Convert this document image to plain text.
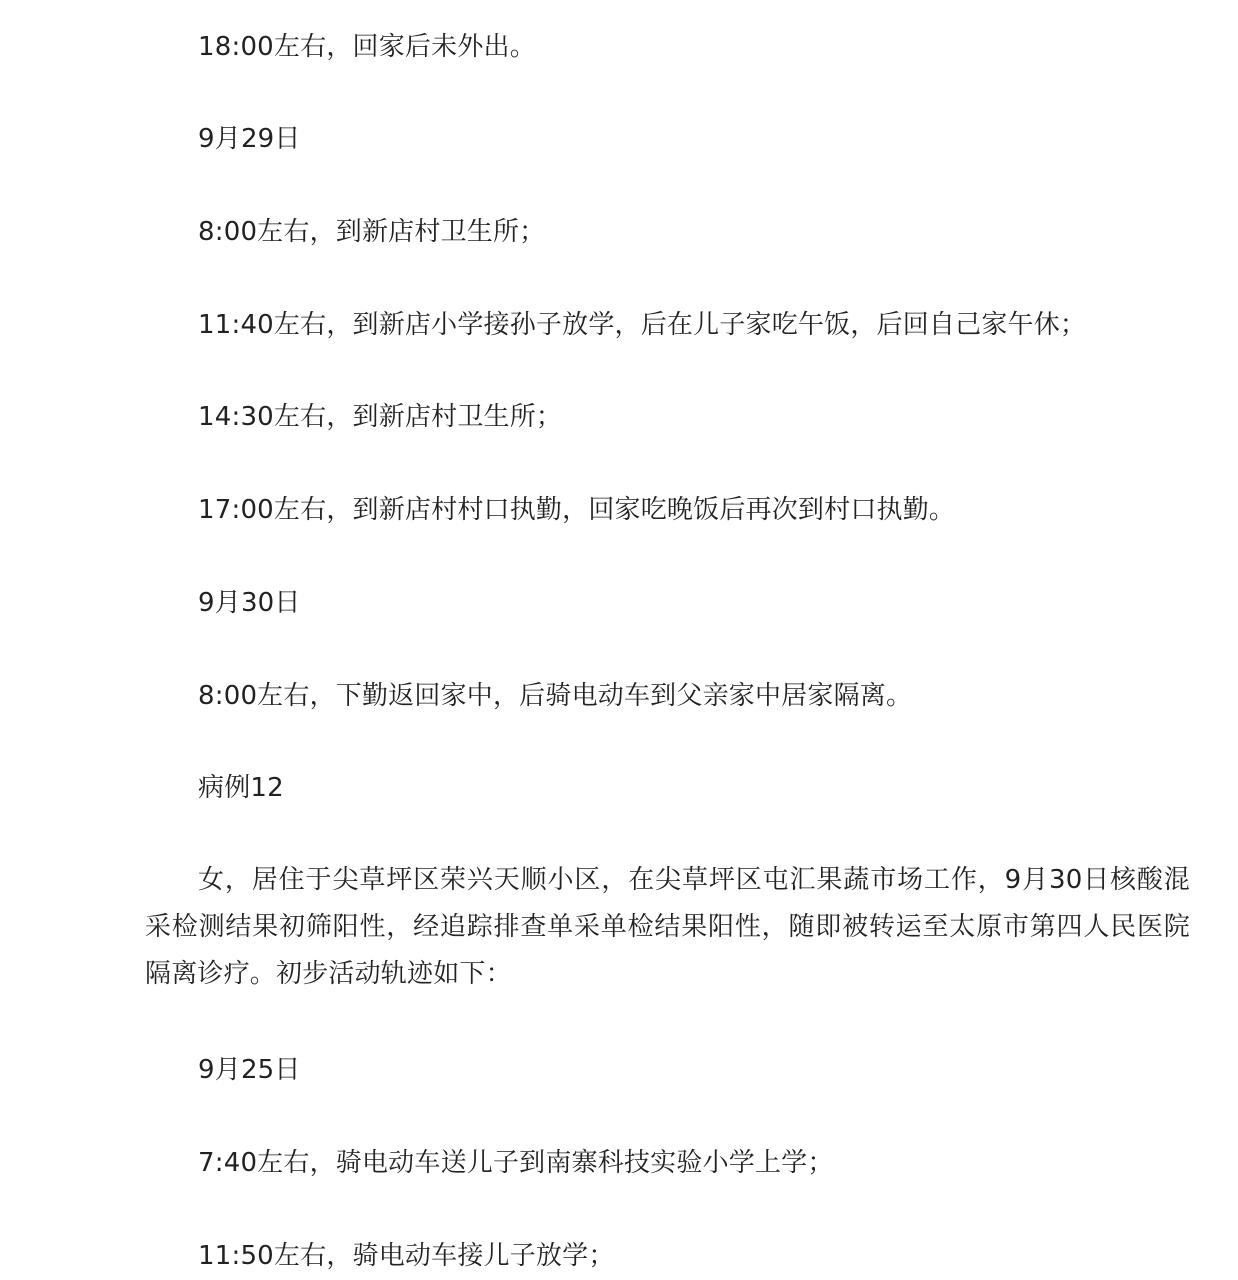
18:00左右，回家后未外出。

9月29日

8:00左右，到新店村卫生所；

11:40左右，到新店小学接孙子放学，后在儿子家吃午饭，后回自己家午休；

14:30左右，到新店村卫生所；

17:00左右，到新店村村口执勤，回家吃晚饭后再次到村口执勤。

9月30日

8:00左右，下勤返回家中，后骑电动车到父亲家中居家隔离。

病例12

女，居住于尖草坪区荣兴天顺小区，在尖草坪区屯汇果蔬市场工作，9月30日核酸混采检测结果初筛阳性，经追踪排查单采单检结果阳性，随即被转运至太原市第四人民医院隔离诊疗。初步活动轨迹如下：

9月25日

7:40左右，骑电动车送儿子到南寨科技实验小学上学；

11:50左右，骑电动车接儿子放学；
